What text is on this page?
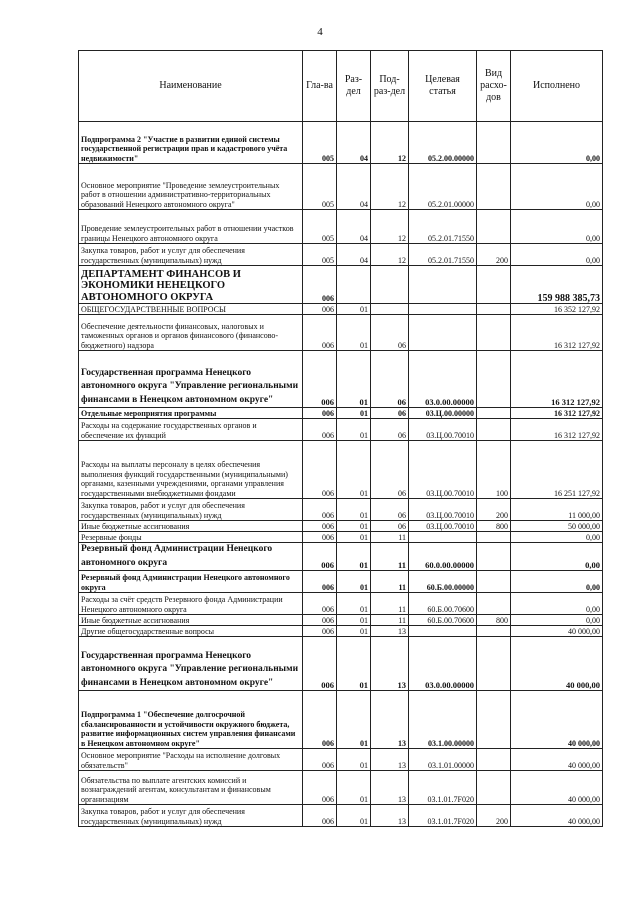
4
Наименование	Гла-ва	Раз-дел	Под-раз-дел	Целевая статья	Вид расхо-дов	Исполнено
Подпрограмма 2 "Участие в развитии единой системы государственной регистрации прав и кадастрового учёта недвижимости"	005	04	12	05.2.00.00000		0,00
Основное мероприятие "Проведение землеустроительных работ в отношении административно-территориальных образований Ненецкого автономного округа"	005	04	12	05.2.01.00000		0,00
Проведение землеустроительных работ в отношении участков границы Ненецкого автономного округа	005	04	12	05.2.01.71550		0,00
Закупка товаров, работ и услуг для обеспечения государственных (муниципальных) нужд	005	04	12	05.2.01.71550	200	0,00
ДЕПАРТАМЕНТ ФИНАНСОВ И ЭКОНОМИКИ НЕНЕЦКОГО АВТОНОМНОГО ОКРУГА	006					159 988 385,73
ОБЩЕГОСУДАРСТВЕННЫЕ ВОПРОСЫ	006	01				16 352 127,92
Обеспечение деятельности финансовых, налоговых и таможенных органов и органов финансового (финансово-бюджетного) надзора	006	01	06			16 312 127,92
Государственная программа Ненецкого автономного округа "Управление региональными финансами в Ненецком автономном округе"	006	01	06	03.0.00.00000		16 312 127,92
Отдельные мероприятия программы	006	01	06	03.Ц.00.00000		16 312 127,92
Расходы на содержание государственных органов и обеспечение их функций	006	01	06	03.Ц.00.70010		16 312 127,92
Расходы на выплаты персоналу в целях обеспечения выполнения функций государственными (муниципальными) органами, казенными учреждениями, органами управления государственными внебюджетными фондами	006	01	06	03.Ц.00.70010	100	16 251 127,92
Закупка товаров, работ и услуг для обеспечения государственных (муниципальных) нужд	006	01	06	03.Ц.00.70010	200	11 000,00
Иные бюджетные ассигнования	006	01	06	03.Ц.00.70010	800	50 000,00
Резервные фонды	006	01	11			0,00
Резервный фонд Администрации Ненецкого автономного округа	006	01	11	60.0.00.00000		0,00
Резервный фонд Администрации Ненецкого автономного округа	006	01	11	60.Б.00.00000		0,00
Расходы за счёт средств Резервного фонда Администрации Ненецкого автономного округа	006	01	11	60.Б.00.70600		0,00
Иные бюджетные ассигнования	006	01	11	60.Б.00.70600	800	0,00
Другие общегосударственные вопросы	006	01	13			40 000,00
Государственная программа Ненецкого автономного округа "Управление региональными финансами в Ненецком автономном округе"	006	01	13	03.0.00.00000		40 000,00
Подпрограмма 1 "Обеспечение долгосрочной сбалансированности и устойчивости окружного бюджета, развитие информационных систем управления финансами в Ненецком автономном округе"	006	01	13	03.1.00.00000		40 000,00
Основное мероприятие "Расходы на исполнение долговых обязательств"	006	01	13	03.1.01.00000		40 000,00
Обязательства по выплате агентских комиссий и вознаграждений агентам, консультантам и финансовым организациям	006	01	13	03.1.01.7F020		40 000,00
Закупка товаров, работ и услуг для обеспечения государственных (муниципальных) нужд	006	01	13	03.1.01.7F020	200	40 000,00
